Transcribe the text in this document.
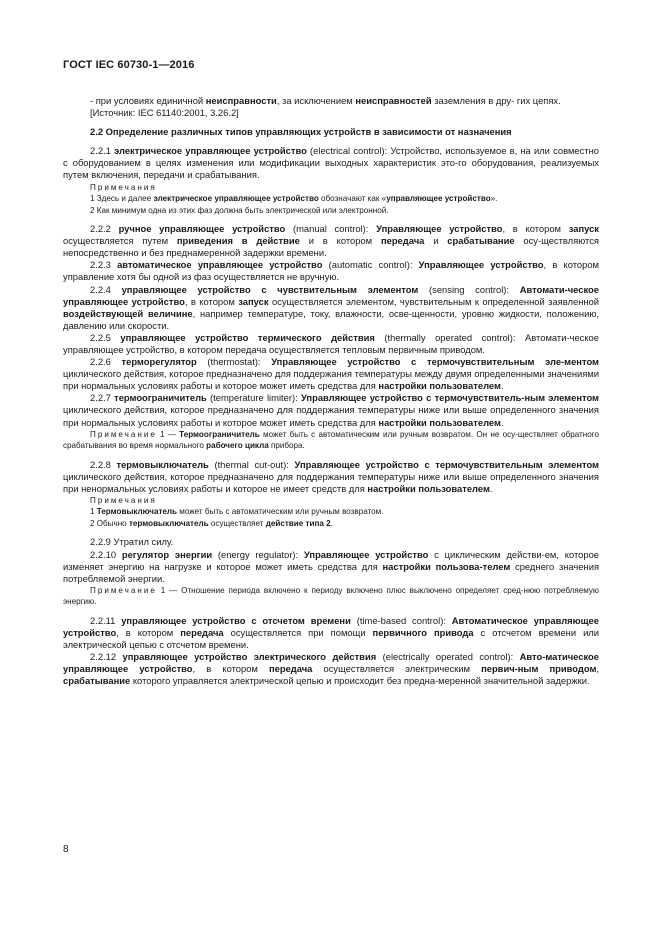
ГОСТ IEC 60730-1—2016

- при условиях единичной неисправности, за исключением неисправностей заземления в дру- гих цепях.

[Источник: IEC 61140:2001, 3.26.2]

2.2 Определение различных типов управляющих устройств в зависимости от назначения

2.2.1 электрическое управляющее устройство (electrical control): Устройство, используемое в, на или совместно с оборудованием в целях изменения или модификации выходных характеристик это-го оборудования, реализуемых путем включения, передачи и срабатывания.

Примечания

1 Здесь и далее электрическое управляющее устройство обозначают как «управляющее устройство».

2 Как минимум одна из этих фаз должна быть электрической или электронной.

2.2.2 ручное управляющее устройство (manual control): Управляющее устройство, в котором запуск осуществляется путем приведения в действие и в котором передача и срабатывание осу-ществляются непосредственно и без преднамеренной задержки времени.

2.2.3 автоматическое управляющее устройство (automatic control): Управляющее устройство, в котором управление хотя бы одной из фаз осуществляется не вручную.

2.2.4 управляющее устройство с чувствительным элементом (sensing control): Автомати-ческое управляющее устройство, в котором запуск осуществляется элементом, чувствительным к определенной заявленной воздействующей величине, например температуре, току, влажности, осве-щенности, уровню жидкости, положению, давлению или скорости.

2.2.5 управляющее устройство термического действия (thermally operated control): Автомати-ческое управляющее устройство, в котором передача осуществляется тепловым первичным приводом.

2.2.6 терморегулятор (thermostat): Управляющее устройство с термочувствительным эле-ментом циклического действия, которое предназначено для поддержания температуры между двумя определенными значениями при нормальных условиях работы и которое может иметь средства для настройки пользователем.

2.2.7 термоограничитель (temperature limiter): Управляющее устройство с термочувствитель-ным элементом циклического действия, которое предназначено для поддержания температуры ниже или выше определенного значения при нормальных условиях работы и которое может иметь средства для настройки пользователем.

Примечание 1 — Термоограничитель может быть с автоматическим или ручным возвратом. Он не осу-ществляет обратного срабатывания во время нормального рабочего цикла прибора.

2.2.8 термовыключатель (thermal cut-out): Управляющее устройство с термочувствительным элементом циклического действия, которое предназначено для поддержания температуры ниже или выше определенного значения при ненормальных условиях работы и которое не имеет средств для настройки пользователем.

Примечания

1 Термовыключатель может быть с автоматическим или ручным возвратом.

2 Обычно термовыключатель осуществляет действие типа 2.

2.2.9 Утратил силу.

2.2.10 регулятор энергии (energy regulator): Управляющее устройство с циклическим действи-ем, которое изменяет энергию на нагрузке и которое может иметь средства для настройки пользова-телем среднего значения потребляемой энергии.

Примечание 1 — Отношение периода включено к периоду включено плюс выключено определяет сред-нюю потребляемую энергию.

2.2.11 управляющее устройство с отсчетом времени (time-based control): Автоматическое управляющее устройство, в котором передача осуществляется при помощи первичного привода с отсчетом времени или электрической цепью с отсчетом времени.

2.2.12 управляющее устройство электрического действия (electrically operated control): Авто-матическое управляющее устройство, в котором передача осуществляется электрическим первич-ным приводом, срабатывание которого управляется электрической цепью и происходит без предна-меренной значительной задержки.

8
